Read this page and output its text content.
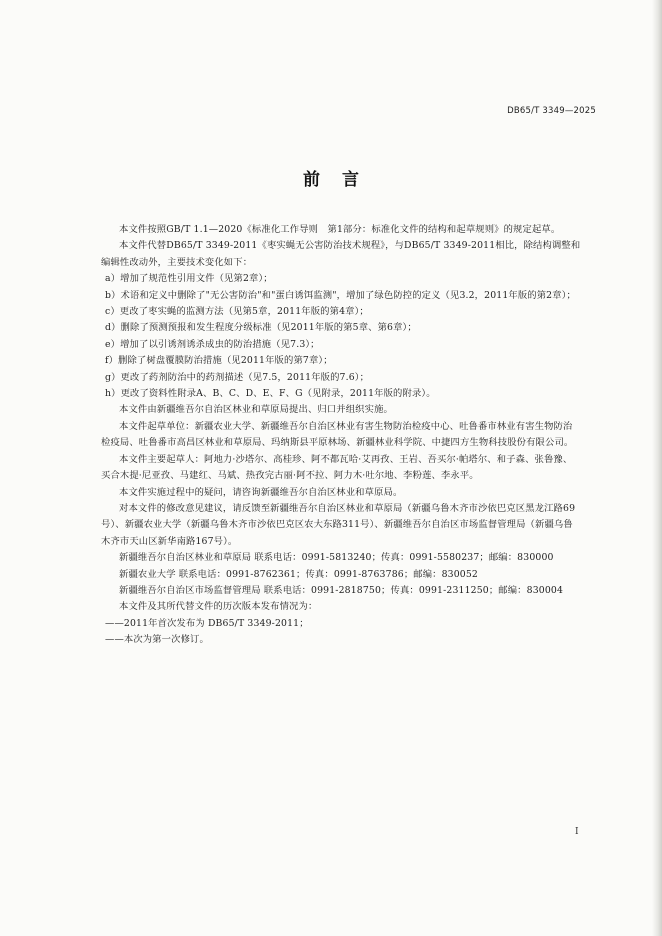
DB65/T 3349—2025
前言

本文件按照GB/T 1.1—2020《标准化工作导则　第1部分：标准化文件的结构和起草规则》的规定起草。

本文件代替DB65/T 3349-2011《枣实蝇无公害防治技术规程》，与DB65/T 3349-2011相比，除结构调整和编辑性改动外，主要技术变化如下：

a）增加了规范性引用文件（见第2章）；

b）术语和定义中删除了"无公害防治"和"蛋白诱饵监测"，增加了绿色防控的定义（见3.2，2011年版的第2章）；

c）更改了枣实蝇的监测方法（见第5章，2011年版的第4章）；

d）删除了预测预报和发生程度分级标准（见2011年版的第5章、第6章）；

e）增加了以引诱剂诱杀成虫的防治措施（见7.3）；

f）删除了树盘覆膜防治措施（见2011年版的第7章）；

g）更改了药剂防治中的药剂描述（见7.5，2011年版的7.6）；

h）更改了资料性附录A、B、C、D、E、F、G（见附录，2011年版的附录）。

本文件由新疆维吾尔自治区林业和草原局提出、归口并组织实施。

本文件起草单位：新疆农业大学、新疆维吾尔自治区林业有害生物防治检疫中心、吐鲁番市林业有害生物防治检疫局、吐鲁番市高昌区林业和草原局、玛纳斯县平原林场、新疆林业科学院、中捷四方生物科技股份有限公司。

本文件主要起草人：阿地力·沙塔尔、高桂珍、阿不都瓦哈·艾再孜、王岩、吾买尔·帕塔尔、和子森、张鲁豫、买合木提·尼亚孜、马建红、马斌、热孜完古丽·阿不拉、阿力木·吐尔地、李粉莲、李永平。

本文件实施过程中的疑问，请咨询新疆维吾尔自治区林业和草原局。

对本文件的修改意见建议，请反馈至新疆维吾尔自治区林业和草原局（新疆乌鲁木齐市沙依巴克区黑龙江路69号）、新疆农业大学（新疆乌鲁木齐市沙依巴克区农大东路311号）、新疆维吾尔自治区市场监督管理局（新疆乌鲁木齐市天山区新华南路167号）。

新疆维吾尔自治区林业和草原局 联系电话：0991-5813240；传真：0991-5580237；邮编：830000

新疆农业大学 联系电话：0991-8762361；传真：0991-8763786；邮编：830052

新疆维吾尔自治区市场监督管理局 联系电话：0991-2818750；传真：0991-2311250；邮编：830004

本文件及其所代替文件的历次版本发布情况为：

——2011年首次发布为 DB65/T 3349-2011；

——本次为第一次修订。

I
